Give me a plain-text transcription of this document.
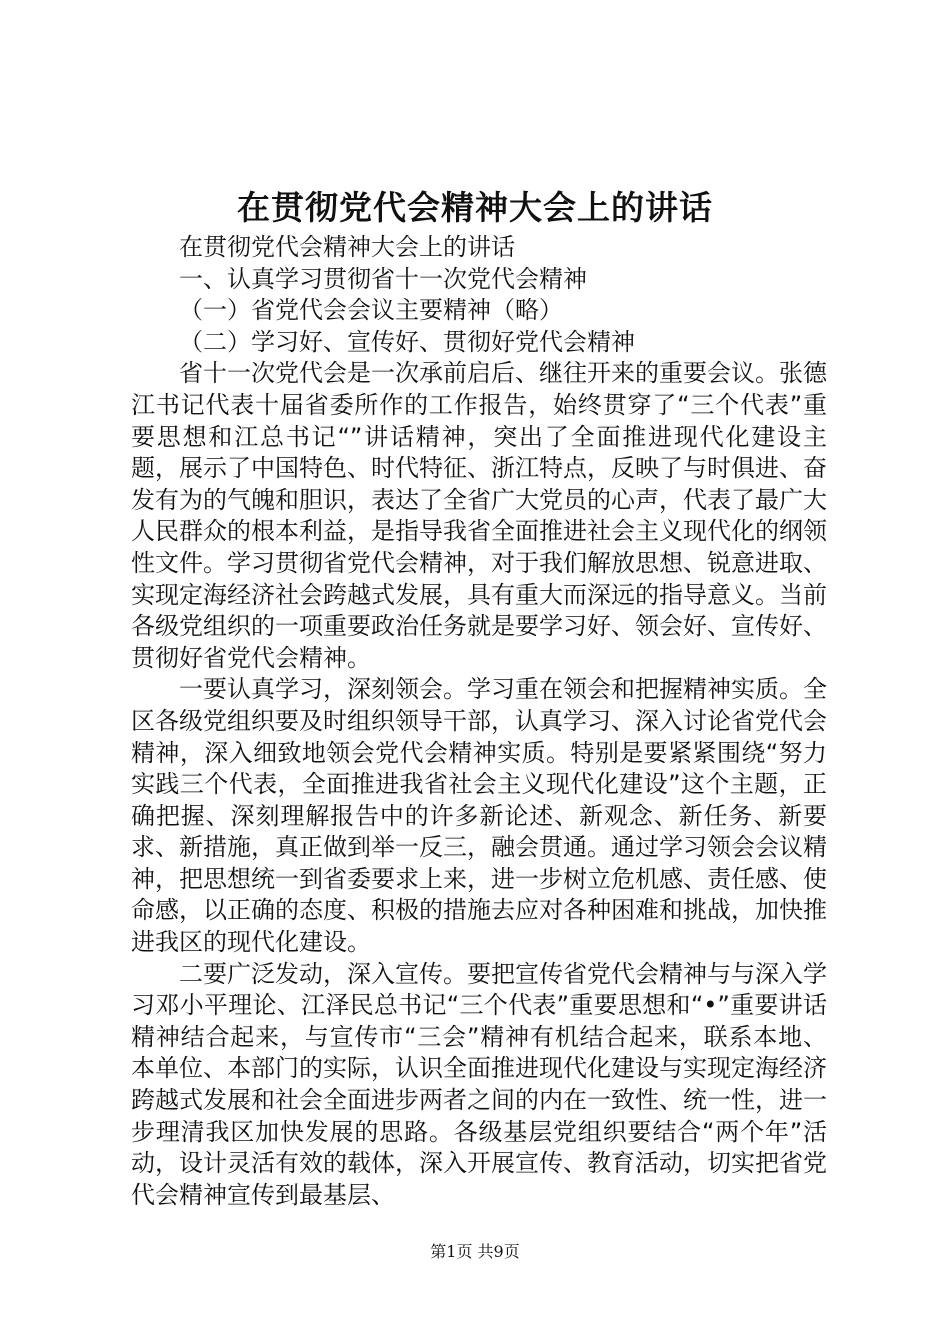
在贯彻党代会精神大会上的讲话

在贯彻党代会精神大会上的讲话

一、认真学习贯彻省十一次党代会精神

（一）省党代会会议主要精神（略）

（二）学习好、宣传好、贯彻好党代会精神

省十一次党代会是一次承前启后、继往开来的重要会议。张德江书记代表十届省委所作的工作报告，始终贯穿了“三个代表”重要思想和江总书记“”讲话精神，突出了全面推进现代化建设主题，展示了中国特色、时代特征、浙江特点，反映了与时俱进、奋发有为的气魄和胆识，表达了全省广大党员的心声，代表了最广大人民群众的根本利益，是指导我省全面推进社会主义现代化的纲领性文件。学习贯彻省党代会精神，对于我们解放思想、锐意进取、实现定海经济社会跨越式发展，具有重大而深远的指导意义。当前各级党组织的一项重要政治任务就是要学习好、领会好、宣传好、贯彻好省党代会精神。

一要认真学习，深刻领会。学习重在领会和把握精神实质。全区各级党组织要及时组织领导干部，认真学习、深入讨论省党代会精神，深入细致地领会党代会精神实质。特别是要紧紧围绕“努力实践三个代表，全面推进我省社会主义现代化建设”这个主题，正确把握、深刻理解报告中的许多新论述、新观念、新任务、新要求、新措施，真正做到举一反三，融会贯通。通过学习领会会议精神，把思想统一到省委要求上来，进一步树立危机感、责任感、使命感，以正确的态度、积极的措施去应对各种困难和挑战，加快推进我区的现代化建设。

二要广泛发动，深入宣传。要把宣传省党代会精神与与深入学习邓小平理论、江泽民总书记“三个代表”重要思想和“•”重要讲话精神结合起来，与宣传市“三会”精神有机结合起来，联系本地、本单位、本部门的实际，认识全面推进现代化建设与实现定海经济跨越式发展和社会全面进步两者之间的内在一致性、统一性，进一步理清我区加快发展的思路。各级基层党组织要结合“两个年”活动，设计灵活有效的载体，深入开展宣传、教育活动，切实把省党代会精神宣传到最基层、

第1页 共9页
